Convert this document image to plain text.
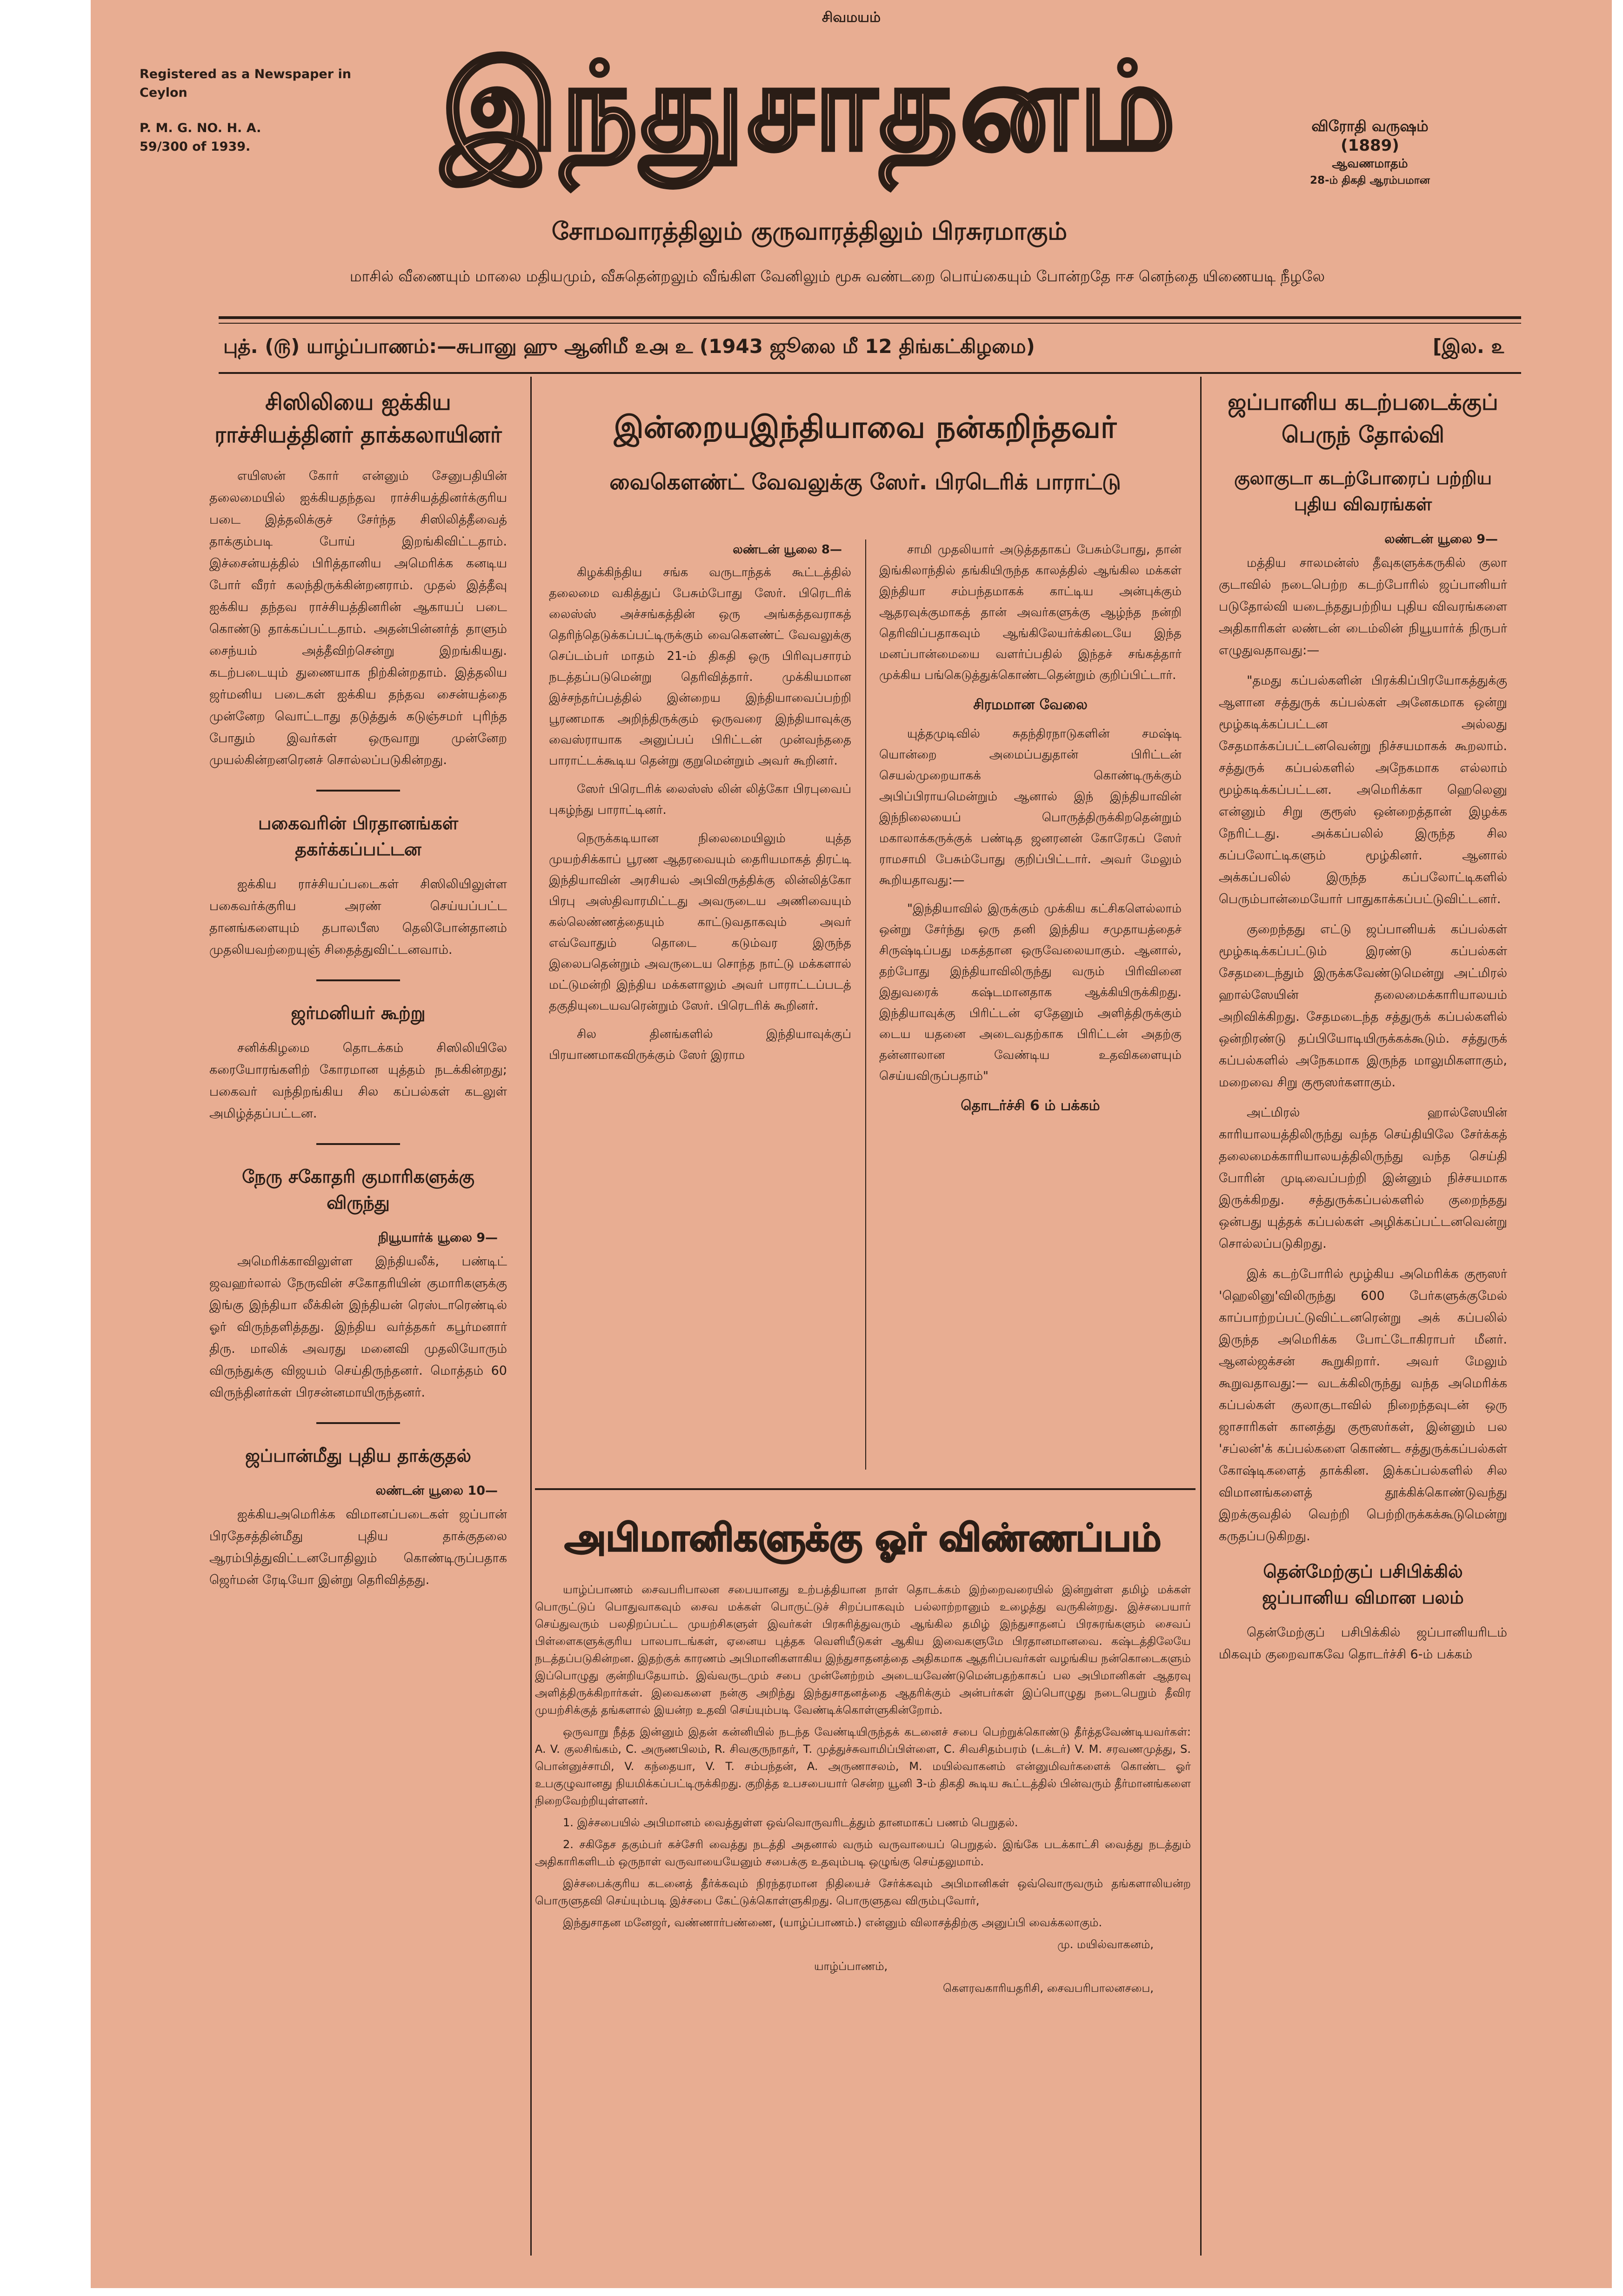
Registered as a Newspaper in Ceylon
P. M. G. NO. H. A.
59/300 of 1939.
சிவமயம்
இந்துசாதனம்	விரோதி வருஷம்
(1889)
ஆவணமாதம்
28-ம் திகதி ஆரம்பமான
சோமவாரத்திலும் குருவாரத்திலும் பிரசுரமாகும்
மாசில் வீணையும் மாலை மதியமும், வீசுதென்றலும் வீங்கிள வேனிலும் மூசு வண்டறை பொய்கையும் போன்றதே ஈச னெந்தை யிணையடி நீழலே
புத். (௫) யாழ்ப்பாணம்:—சுபானு ஹு ஆனிமீ ௨௮ உ (1943 ஜூலை மீ 12 திங்கட்கிழமை)	[இல. ௨
சிஸிலியை ஐக்கிய ராச்சியத்தினர் தாக்கலாயினர்

எயிஸன் கோர் என்னும் சேனுபதியின் தலைமையில் ஐக்கியதந்தவ ராச்சியத்தினர்க்குரிய படை இத்தலிக்குச் சேர்ந்த சிஸிலித்தீவைத் தாக்கும்படி போய் இறங்கிவிட்டதாம். இச்சைன்யத்தில் பிரித்தானிய அமெரிக்க கனடிய போர் வீரர் கலந்திருக்கின்றனராம். முதல் இத்தீவு ஐக்கிய தந்தவ ராச்சியத்தினரின் ஆகாயப் படை கொண்டு தாக்கப்பட்டதாம். அதன்பின்னர்த் தாளும் சைந்யம் அத்தீவிற்சென்று இறங்கியது. கடற்படையும் துணையாக நிற்கின்றதாம். இத்தலிய ஜர்மனிய படைகள் ஐக்கிய தந்தவ சைன்யத்தை முன்னேற வொட்டாது தடுத்துக் கடுஞ்சமர் புரிந்த போதும் இவர்கள் ஒருவாறு முன்னேற முயல்கின்றனரெனச் சொல்லப்படுகின்றது.

பகைவரின் பிரதானங்கள் தகர்க்கப்பட்டன

ஐக்கிய ராச்சியப்படைகள் சிஸிலியிலுள்ள பகைவர்க்குரிய அரண் செய்யப்பட்ட தானங்களையும் தபாலபீஸ தெலிபோன்தானம் முதலியவற்றையுஞ் சிதைத்துவிட்டனவாம்.

ஜர்மனியர் கூற்று

சனிக்கிழமை தொடக்கம் சிஸிலியிலே கரையோரங்களிற் கோரமான யுத்தம் நடக்கின்றது; பகைவர் வந்திறங்கிய சில கப்பல்கள் கடலுள் அமிழ்த்தப்பட்டன.

நேரு சகோதரி குமாரிகளுக்கு விருந்து
நியூயார்க் யூலை 9—

அமெரிக்காவிலுள்ள இந்தியலீக், பண்டிட் ஜவஹர்லால் நேருவின் சகோதரியின் குமாரிகளுக்கு இங்கு இந்தியா லீக்கின் இந்தியன் ரெஸ்டாரெண்டில் ஓர் விருந்தளித்தது. இந்திய வர்த்தகர் கபூர்மனார் திரு. மாலிக் அவரது மனைவி முதலியோரும் விருந்துக்கு விஜயம் செய்திருந்தனர். மொத்தம் 60 விருந்தினர்கள் பிரசன்னமாயிருந்தனர்.

ஜப்பான்மீது புதிய தாக்குதல்
லண்டன் யூலை 10—

ஐக்கியஅமெரிக்க விமானப்படைகள் ஜப்பான் பிரதேசத்தின்மீது புதிய தாக்குதலை ஆரம்பித்துவிட்டனபோதிலும் கொண்டிருப்பதாக ஜெர்மன் ரேடியோ இன்று தெரிவித்தது.

இன்றையஇந்தியாவை நன்கறிந்தவர்
வைகௌண்ட் வேவலுக்கு ஸேர். பிரடெரிக் பாராட்டு
லண்டன் யூலை 8—

கிழக்கிந்திய சங்க வருடாந்தக் கூட்டத்தில் தலைமை வகித்துப் பேசும்போது ஸேர். பிரெடரிக் லைஸ்ஸ் அச்சங்கத்தின் ஒரு அங்கத்தவராகத் தெரிந்தெடுக்கப்பட்டிருக்கும் வைகௌண்ட் வேவலுக்கு செப்டம்பர் மாதம் 21-ம் திகதி ஒரு பிரிவுபசாரம் நடத்தப்படுமென்று தெரிவித்தார். முக்கியமான இச்சந்தர்ப்பத்தில் இன்றைய இந்தியாவைப்பற்றி பூரணமாக அறிந்திருக்கும் ஒருவரை இந்தியாவுக்கு வைஸ்ராயாக அனுப்பப் பிரிட்டன் முன்வந்ததை பாராட்டக்கூடிய தென்று குறுமென்றும் அவர் கூறினர்.

ஸேர் பிரெடரிக் லைஸ்ஸ் லின் லித்கோ பிரபுவைப் புகழ்ந்து பாராட்டினர்.

நெருக்கடியான நிலைமையிலும் யுத்த முயற்சிக்காப் பூரண ஆதரவையும் தைரியமாகத் திரட்டி இந்தியாவின் அரசியல் அபிவிருத்திக்கு லின்லித்கோ பிரபு அஸ்திவாரமிட்டது அவருடைய அணிவையும் கல்லெண்ணத்தையும் காட்டுவதாகவும் அவர் எவ்வோதும் தொடை கடும்வர இருந்த இலைபதென்றும் அவருடைய சொந்த நாட்டு மக்களால் மட்டுமன்றி இந்திய மக்களாலும் அவர் பாராட்டப்படத் தகுதியுடையவரென்றும் ஸேர். பிரெடரிக் கூறினர்.

சில தினங்களில் இந்தியாவுக்குப் பிரயாணமாகவிருக்கும் ஸேர் இராம

சாமி முதலியார் அடுத்ததாகப் பேசும்போது, தான் இங்கிலாந்தில் தங்கியிருந்த காலத்தில் ஆங்கில மக்கள் இந்தியா சம்பந்தமாகக் காட்டிய அன்புக்கும் ஆதரவுக்குமாகத் தான் அவர்களுக்கு ஆழ்ந்த நன்றி தெரிவிப்பதாகவும் ஆங்கிலேயர்க்கிடையே இந்த மனப்பான்மையை வளர்ப்பதில் இந்தச் சங்கத்தார் முக்கிய பங்கெடுத்துக்கொண்டதென்றும் குறிப்பிட்டார்.

சிரமமான வேலை

யுத்தமுடிவில் சுதந்திரநாடுகளின் சமஷ்டி யொன்றை அமைப்பதுதான் பிரிட்டன் செயல்முறையாகக் கொண்டிருக்கும் அபிப்பிராயமென்றும் ஆனால் இந் இந்தியாவின் இந்நிலையைப் பொருத்திருக்கிறதென்றும் மகாலாக்கருக்குக் பண்டித ஜனரனன் கோரேகப் ஸேர் ராமசாமி பேசும்போது குறிப்பிட்டார். அவர் மேலும் கூறியதாவது:—

"இந்தியாவில் இருக்கும் முக்கிய கட்சிகளெல்லாம் ஒன்று சேர்ந்து ஒரு தனி இந்திய சமுதாயத்தைச் சிருஷ்டிப்பது மகத்தான ஒருவேலையாகும். ஆனால், தற்போது இந்தியாவிலிருந்து வரும் பிரிவினை இதுவரைக் கஷ்டமானதாக ஆக்கியிருக்கிறது. இந்தியாவுக்கு பிரிட்டன் ஏதேனும் அளித்திருக்கும் டைய யதனை அடைவதற்காக பிரிட்டன் அதற்கு தன்னாலான வேண்டிய உதவிகளையும் செய்யவிருப்பதாம்"

தொடர்ச்சி 6 ம் பக்கம்
அபிமானிகளுக்கு ஓர் விண்ணப்பம்

யாழ்ப்பாணம் சைவபரிபாலன சபையானது உற்பத்தியான நாள் தொடக்கம் இற்றைவரையில் இன்றுள்ள தமிழ் மக்கள் பொருட்டுப் பொதுவாகவும் சைவ மக்கள் பொருட்டுச் சிறப்பாகவும் பல்லாற்றானும் உழைத்து வருகின்றது. இச்சபையார் செய்துவரும் பலதிறப்பட்ட முயற்சிகளுள் இவர்கள் பிரசுரித்துவரும் ஆங்கில தமிழ் இந்துசாதனப் பிரசுரங்களும் சைவப் பிள்ளைகளுக்குரிய பாலபாடங்கள், ஏனைய புத்தக வெளியீடுகள் ஆகிய இவைகளுமே பிரதானமானவை. கஷ்டத்திலேயே நடத்தப்படுகின்றன. இதற்குக் காரணம் அபிமானிகளாகிய இந்துசாதனத்தை அதிகமாக ஆதரிப்பவர்கள் வழங்கிய நன்கொடைகளும் இப்பொழுது குன்றியதேயாம். இவ்வருடமும் சபை முன்னேற்றம் அடையவேண்டுமென்பதற்காகப் பல அபிமானிகள் ஆதரவு அளித்திருக்கிறார்கள். இவைகளை நன்கு அறிந்து இந்துசாதனத்தை ஆதரிக்கும் அன்பர்கள் இப்பொழுது நடைபெறும் தீவிர முயற்சிக்குத் தங்களால் இயன்ற உதவி செய்யும்படி வேண்டிக்கொள்ளுகின்றோம்.

ஒருவாறு நீத்த இன்னும் இதன் கன்னியில் நடந்த வேண்டியிருந்தக் கடனைச் சபை பெற்றுக்கொண்டு தீர்த்தவேண்டியவர்கள்: A. V. குலசிங்கம், C. அருணபிலம், R. சிவகுருநாதர், T. முத்துச்சுவாமிப்பிள்ளை, C. சிவசிதம்பரம் (டக்டர்) V. M. சரவணமுத்து, S. பொன்னுச்சாமி, V. கந்தையா, V. T. சம்பந்தன், A. அருணாசலம், M. மயில்வாகனம் என்னுமிவர்களைக் கொண்ட ஓர் உபகுழுவானது நியமிக்கப்பட்டிருக்கிறது. குறித்த உபசபையார் சென்ற யூனி 3-ம் திகதி கூடிய கூட்டத்தில் பின்வரும் தீர்மானங்களை நிறைவேற்றியுள்ளனர்.

1. இச்சபையில் அபிமானம் வைத்துள்ள ஒவ்வொருவரிடத்தும் தானமாகப் பணம் பெறுதல்.

2. சகிதேச தகும்பர் கச்சேரி வைத்து நடத்தி அதனால் வரும் வருவாயைப் பெறுதல். இங்கே படக்காட்சி வைத்து நடத்தும் அதிகாரிகளிடம் ஒருநாள் வருவாயையேனும் சபைக்கு உதவும்படி ஒழுங்கு செய்தலுமாம்.

இச்சபைக்குரிய கடனைத் தீர்க்கவும் நிரந்தரமான நிதியைச் சேர்க்கவும் அபிமானிகள் ஒவ்வொருவரும் தங்களாலியன்ற பொருளுதவி செய்யும்படி இச்சபை கேட்டுக்கொள்ளுகிறது. பொருளுதவ விரும்புவோர்,

இந்துசாதன மனேஜர், வண்ணார்பண்ணை, (யாழ்ப்பாணம்.) என்னும் விலாசத்திற்கு அனுப்பி வைக்கலாகும்.

மு. மயில்வாகனம்,

யாழ்ப்பாணம்,

கௌரவகாரியதரிசி, சைவபரிபாலனசபை,

ஜப்பானிய கடற்படைக்குப் பெருந் தோல்வி
குலாகுடா கடற்போரைப் பற்றிய புதிய விவரங்கள்
லண்டன் யூலை 9—

மத்திய சாலமன்ஸ் தீவுகளுக்கருகில் குலா குடாவில் நடைபெற்ற கடற்போரில் ஜப்பானியர் படுதோல்வி யடைந்ததுபற்றிய புதிய விவரங்களை அதிகாரிகள் லண்டன் டைம்லின் நியூயார்க் நிருபர் எழுதுவதாவது:—

"தமது கப்பல்களின் பிரக்கிப்பிரயோகத்துக்கு ஆளான சத்துருக் கப்பல்கள் அனேகமாக ஒன்று மூழ்கடிக்கப்பட்டன அல்லது சேதமாக்கப்பட்டனவென்று நிச்சயமாகக் கூறலாம். சத்துருக் கப்பல்களில் அநேகமாக எல்லாம் மூழ்கடிக்கப்பட்டன. அமெரிக்கா ஹெலெனு என்னும் சிறு குரூஸ் ஒன்றைத்தான் இழக்க நேரிட்டது. அக்கப்பலில் இருந்த சில கப்பலோட்டிகளும் மூழ்கினர். ஆனால் அக்கப்பலில் இருந்த கப்பலோட்டிகளில் பெரும்பான்மையோர் பாதுகாக்கப்பட்டுவிட்டனர்.

குறைந்தது எட்டு ஜப்பானியக் கப்பல்கள் மூழ்கடிக்கப்பட்டும் இரண்டு கப்பல்கள் சேதமடைந்தும் இருக்கவேண்டுமென்று அட்மிரல் ஹால்ஸேயின் தலைமைக்காரியாலயம் அறிவிக்கிறது. சேதமடைந்த சத்துருக் கப்பல்களில் ஒன்றிரண்டு தப்பியோடியிருக்கக்கூடும். சத்துருக் கப்பல்களில் அநேகமாக இருந்த மாலுமிகளாகும், மறைவை சிறு குரூஸர்களாகும்.

அட்மிரல் ஹால்ஸேயின் காரியாலயத்திலிருந்து வந்த செய்தியிலே சேர்க்கத் தலைமைக்காரியாலயத்திலிருந்து வந்த செய்தி போரின் முடிவைப்பற்றி இன்னும் நிச்சயமாக இருக்கிறது. சத்துருக்கப்பல்களில் குறைந்தது ஒன்பது யுத்தக் கப்பல்கள் அழிக்கப்பட்டனவென்று சொல்லப்படுகிறது.

இக் கடற்போரில் மூழ்கிய அமெரிக்க குரூஸர் 'ஹெலினு'விலிருந்து 600 பேர்களுக்குமேல் காப்பாற்றப்பட்டுவிட்டனரென்று அக் கப்பலில் இருந்த அமெரிக்க போட்டோகிராபர் மீனர். ஆனல்ஜக்சன் கூறுகிறார். அவர் மேலும் கூறுவதாவது:— வடக்கிலிருந்து வந்த அமெரிக்க கப்பல்கள் குலாகுடாவில் நிறைந்தவுடன் ஒரு ஜாசாரிகள் கானத்து குரூஸர்கள், இன்னும் பல 'சப்லன்'க் கப்பல்களை கொண்ட சத்துருக்கப்பல்கள் கோஷ்டிகளைத் தாக்கின. இக்கப்பல்களில் சில விமானங்களைத் தூக்கிக்கொண்டுவந்து இறக்குவதில் வெற்றி பெற்றிருக்கக்கூடுமென்று கருதப்படுகிறது.

தென்மேற்குப் பசிபிக்கில் ஜப்பானிய விமான பலம்

தென்மேற்குப் பசிபிக்கில் ஜப்பானியரிடம் மிகவும் குறைவாகவே தொடர்ச்சி 6-ம் பக்கம்
